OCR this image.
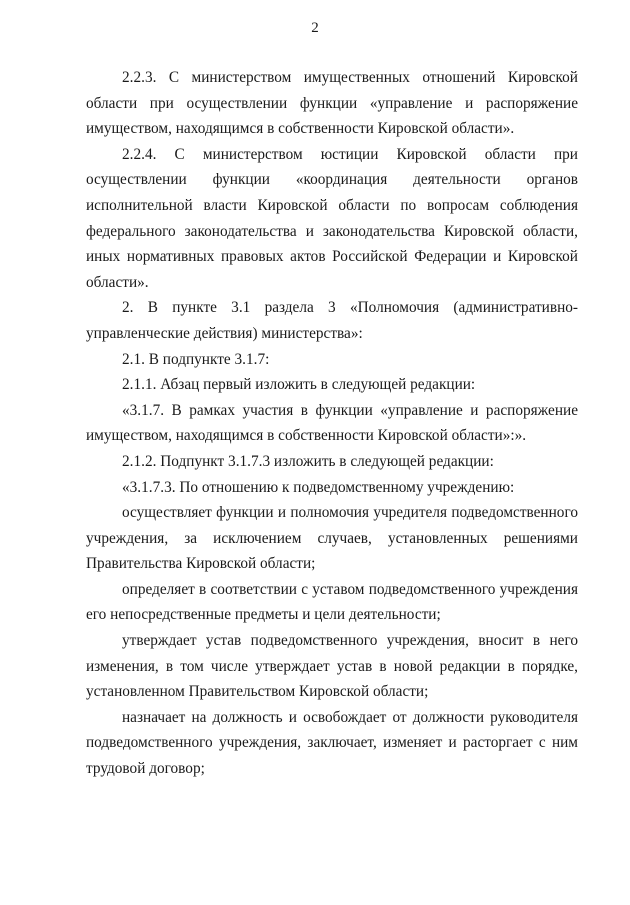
2

2.2.3. С министерством имущественных отношений Кировской области при осуществлении функции «управление и распоряжение имуществом, находящимся в собственности Кировской области».

2.2.4. С министерством юстиции Кировской области при осуществлении функции «координация деятельности органов исполнительной власти Кировской области по вопросам соблюдения федерального законодательства и законодательства Кировской области, иных нормативных правовых актов Российской Федерации и Кировской области».

2. В пункте 3.1 раздела 3 «Полномочия (административно-управленческие действия) министерства»:

2.1. В подпункте 3.1.7:

2.1.1. Абзац первый изложить в следующей редакции:

«3.1.7. В рамках участия в функции «управление и распоряжение имуществом, находящимся в собственности Кировской области»:».

2.1.2. Подпункт 3.1.7.3 изложить в следующей редакции:

«3.1.7.3. По отношению к подведомственному учреждению:

осуществляет функции и полномочия учредителя подведомственного учреждения, за исключением случаев, установленных решениями Правительства Кировской области;

определяет в соответствии с уставом подведомственного учреждения его непосредственные предметы и цели деятельности;

утверждает устав подведомственного учреждения, вносит в него изменения, в том числе утверждает устав в новой редакции в порядке, установленном Правительством Кировской области;

назначает на должность и освобождает от должности руководителя подведомственного учреждения, заключает, изменяет и расторгает с ним трудовой договор;
